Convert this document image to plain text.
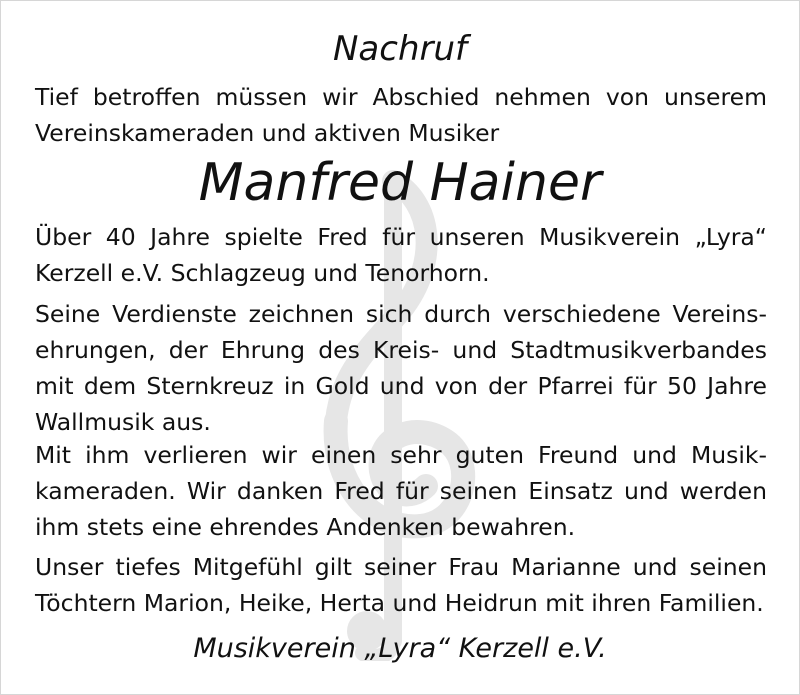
Nachruf

Tief betroffen müssen wir Abschied nehmen von unserem
Vereinskameraden und aktiven Musiker

Manfred Hainer

Über 40 Jahre spielte Fred für unseren Musikverein „Lyra“
Kerzell e.V. Schlagzeug und Tenorhorn.

Seine Verdienste zeichnen sich durch verschiedene Vereins-
ehrungen, der Ehrung des Kreis- und Stadtmusikverbandes
mit dem Sternkreuz in Gold und von der Pfarrei für 50 Jahre
Wallmusik aus.

Mit ihm verlieren wir einen sehr guten Freund und Musik-
kameraden. Wir danken Fred für seinen Einsatz und werden
ihm stets eine ehrendes Andenken bewahren.

Unser tiefes Mitgefühl gilt seiner Frau Marianne und seinen
Töchtern Marion, Heike, Herta und Heidrun mit ihren Familien.

Musikverein „Lyra“ Kerzell e.V.
